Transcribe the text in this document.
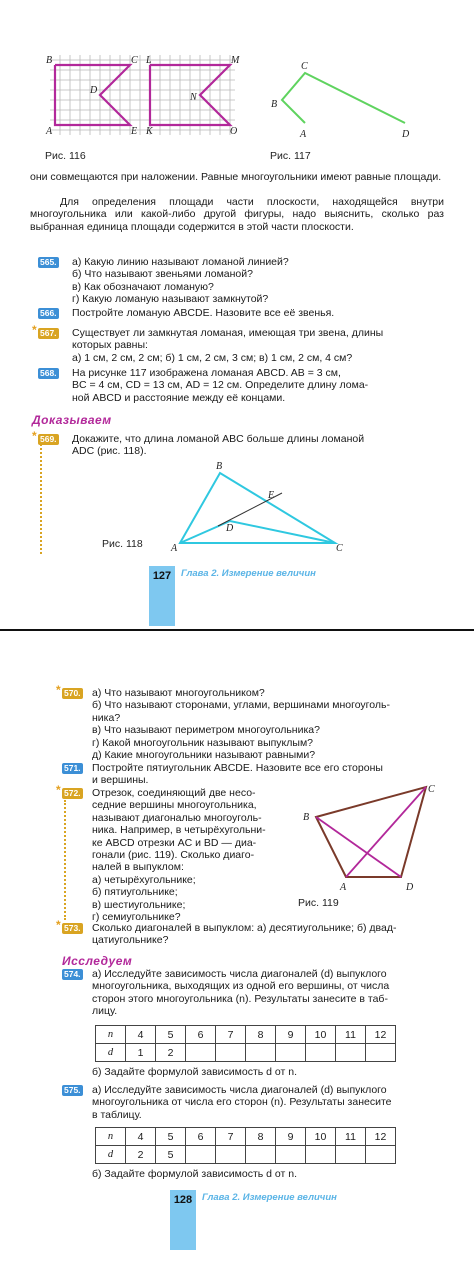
B	C L	M
D
N
A	E K	O
Рис. 116
C
B
A	D
Рис. 117
они совмещаются при наложении. Равные многоугольники имеют равные площади.
Для определения площади части плоскости, находящейся внутри многоугольника или какой-либо другой фигуры, надо выяснить, сколько раз выбранная единица площади содержится в этой части плоскости.
565. а) Какую линию называют ломаной линией?
б) Что называют звеньями ломаной?
в) Как обозначают ломаную?
г) Какую ломаную называют замкнутой?
566. Постройте ломаную ABCDE. Назовите все её звенья.
* 567. Существует ли замкнутая ломаная, имеющая три звена, длины
которых равны:
а) 1 см, 2 см, 2 см; б) 1 см, 2 см, 3 см; в) 1 см, 2 см, 4 см?
568. На рисунке 117 изображена ломаная ABCD. AB = 3 см,
BC = 4 см, CD = 13 см, AD = 12 см. Определите длину лома-
ной ABCD и расстояние между её концами.
Доказываем
* 569. Докажите, что длина ломаной ABC больше длины ломаной
ADC (рис. 118).
B
E
D
A	C
Рис. 118
127	Глава 2. Измерение величин
* 570. а) Что называют многоугольником?
б) Что называют сторонами, углами, вершинами многоуголь-
ника?
в) Что называют периметром многоугольника?
г) Какой многоугольник называют выпуклым?
д) Какие многоугольники называют равными?
571. Постройте пятиугольник ABCDE. Назовите все его стороны
и вершины.
* 572. Отрезок, соединяющий две несо-
седние вершины многоугольника,
называют диагональю многоуголь-
ника. Например, в четырёхугольни-
ке ABCD отрезки AC и BD — диа-
гонали (рис. 119). Сколько диаго-
налей в выпуклом:
а) четырёхугольнике;
б) пятиугольнике;
в) шестиугольнике;
г) семиугольнике?
B
C
A	D
Рис. 119
* 573. Сколько диагоналей в выпуклом: а) десятиугольнике; б) двад-
цатиугольнике?
Исследуем
574. а) Исследуйте зависимость числа диагоналей (d) выпуклого
многоугольника, выходящих из одной его вершины, от числа
сторон этого многоугольника (n). Результаты занесите в таб-
лицу.
n	4	5	6	7	8	9	10	11	12
d	1	2							
б) Задайте формулой зависимость d от n.
575. а) Исследуйте зависимость числа диагоналей (d) выпуклого
многоугольника от числа его сторон (n). Результаты занесите
в таблицу.
n	4	5	6	7	8	9	10	11	12
d	2	5							
б) Задайте формулой зависимость d от n.
128	Глава 2. Измерение величин
